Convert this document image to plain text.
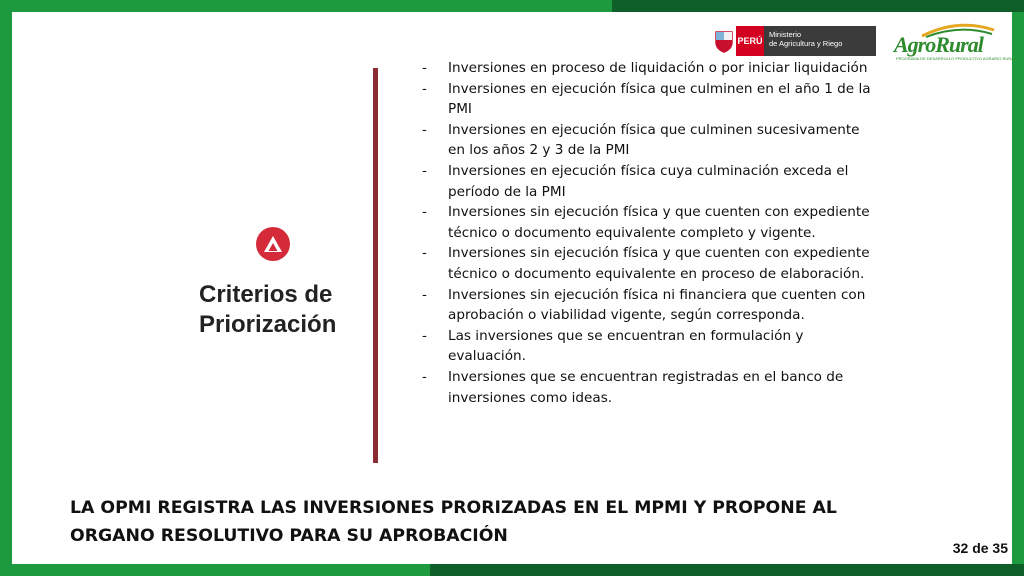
PERÚ
Ministerio
de Agricultura y Riego	AgroRural
PROGRAMA DE DESARROLLO PRODUCTIVO AGRARIO RURAL
Criterios de
Priorización
- Inversiones en proceso de liquidación o por iniciar liquidación
- Inversiones en ejecución física que culminen en el año 1 de la PMI
- Inversiones en ejecución física que culminen sucesivamente en los años 2 y 3 de la PMI
- Inversiones en ejecución física cuya culminación exceda el período de la PMI
- Inversiones sin ejecución física y que cuenten con expediente técnico o documento equivalente completo y vigente.
- Inversiones sin ejecución física y que cuenten con expediente técnico o documento equivalente en proceso de elaboración.
- Inversiones sin ejecución física ni financiera que cuenten con aprobación o viabilidad vigente, según corresponda.
- Las inversiones que se encuentran en formulación y evaluación.
- Inversiones que se encuentran registradas en el banco de inversiones como ideas.
LA OPMI REGISTRA LAS INVERSIONES PRORIZADAS EN EL MPMI Y PROPONE AL ORGANO RESOLUTIVO PARA SU APROBACIÓN
32 de 35
